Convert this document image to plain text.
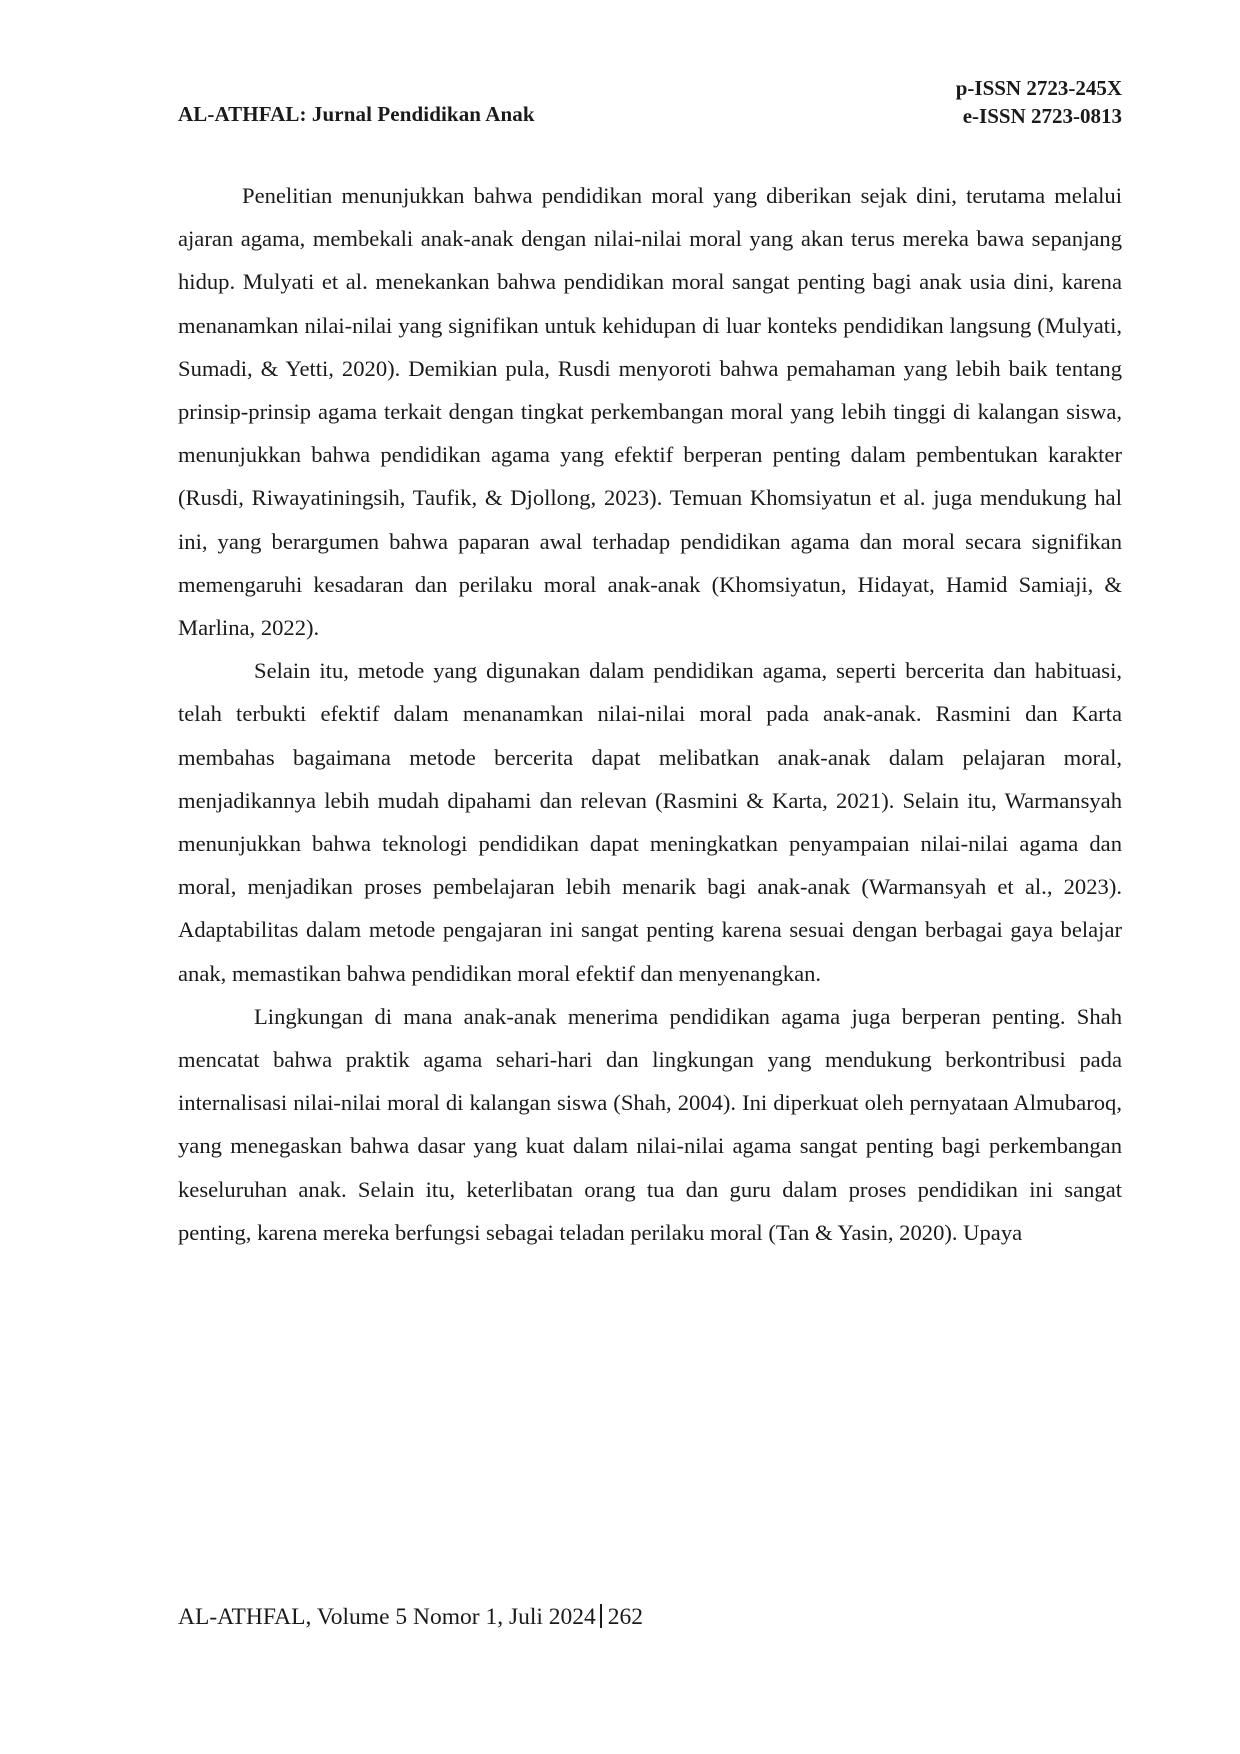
AL-ATHFAL: Jurnal Pendidikan Anak
p-ISSN 2723-245X
e-ISSN 2723-0813

Penelitian menunjukkan bahwa pendidikan moral yang diberikan sejak dini, terutama melalui ajaran agama, membekali anak-anak dengan nilai-nilai moral yang akan terus mereka bawa sepanjang hidup. Mulyati et al. menekankan bahwa pendidikan moral sangat penting bagi anak usia dini, karena menanamkan nilai-nilai yang signifikan untuk kehidupan di luar konteks pendidikan langsung (Mulyati, Sumadi, & Yetti, 2020). Demikian pula, Rusdi menyoroti bahwa pemahaman yang lebih baik tentang prinsip-prinsip agama terkait dengan tingkat perkembangan moral yang lebih tinggi di kalangan siswa, menunjukkan bahwa pendidikan agama yang efektif berperan penting dalam pembentukan karakter (Rusdi, Riwayatiningsih, Taufik, & Djollong, 2023). Temuan Khomsiyatun et al. juga mendukung hal ini, yang berargumen bahwa paparan awal terhadap pendidikan agama dan moral secara signifikan memengaruhi kesadaran dan perilaku moral anak-anak (Khomsiyatun, Hidayat, Hamid Samiaji, & Marlina, 2022).

Selain itu, metode yang digunakan dalam pendidikan agama, seperti bercerita dan habituasi, telah terbukti efektif dalam menanamkan nilai-nilai moral pada anak-anak. Rasmini dan Karta membahas bagaimana metode bercerita dapat melibatkan anak-anak dalam pelajaran moral, menjadikannya lebih mudah dipahami dan relevan (Rasmini & Karta, 2021). Selain itu, Warmansyah menunjukkan bahwa teknologi pendidikan dapat meningkatkan penyampaian nilai-nilai agama dan moral, menjadikan proses pembelajaran lebih menarik bagi anak-anak (Warmansyah et al., 2023). Adaptabilitas dalam metode pengajaran ini sangat penting karena sesuai dengan berbagai gaya belajar anak, memastikan bahwa pendidikan moral efektif dan menyenangkan.

Lingkungan di mana anak-anak menerima pendidikan agama juga berperan penting. Shah mencatat bahwa praktik agama sehari-hari dan lingkungan yang mendukung berkontribusi pada internalisasi nilai-nilai moral di kalangan siswa (Shah, 2004). Ini diperkuat oleh pernyataan Almubaroq, yang menegaskan bahwa dasar yang kuat dalam nilai-nilai agama sangat penting bagi perkembangan keseluruhan anak. Selain itu, keterlibatan orang tua dan guru dalam proses pendidikan ini sangat penting, karena mereka berfungsi sebagai teladan perilaku moral (Tan & Yasin, 2020). Upaya

AL-ATHFAL, Volume 5 Nomor 1, Juli 2024 262
